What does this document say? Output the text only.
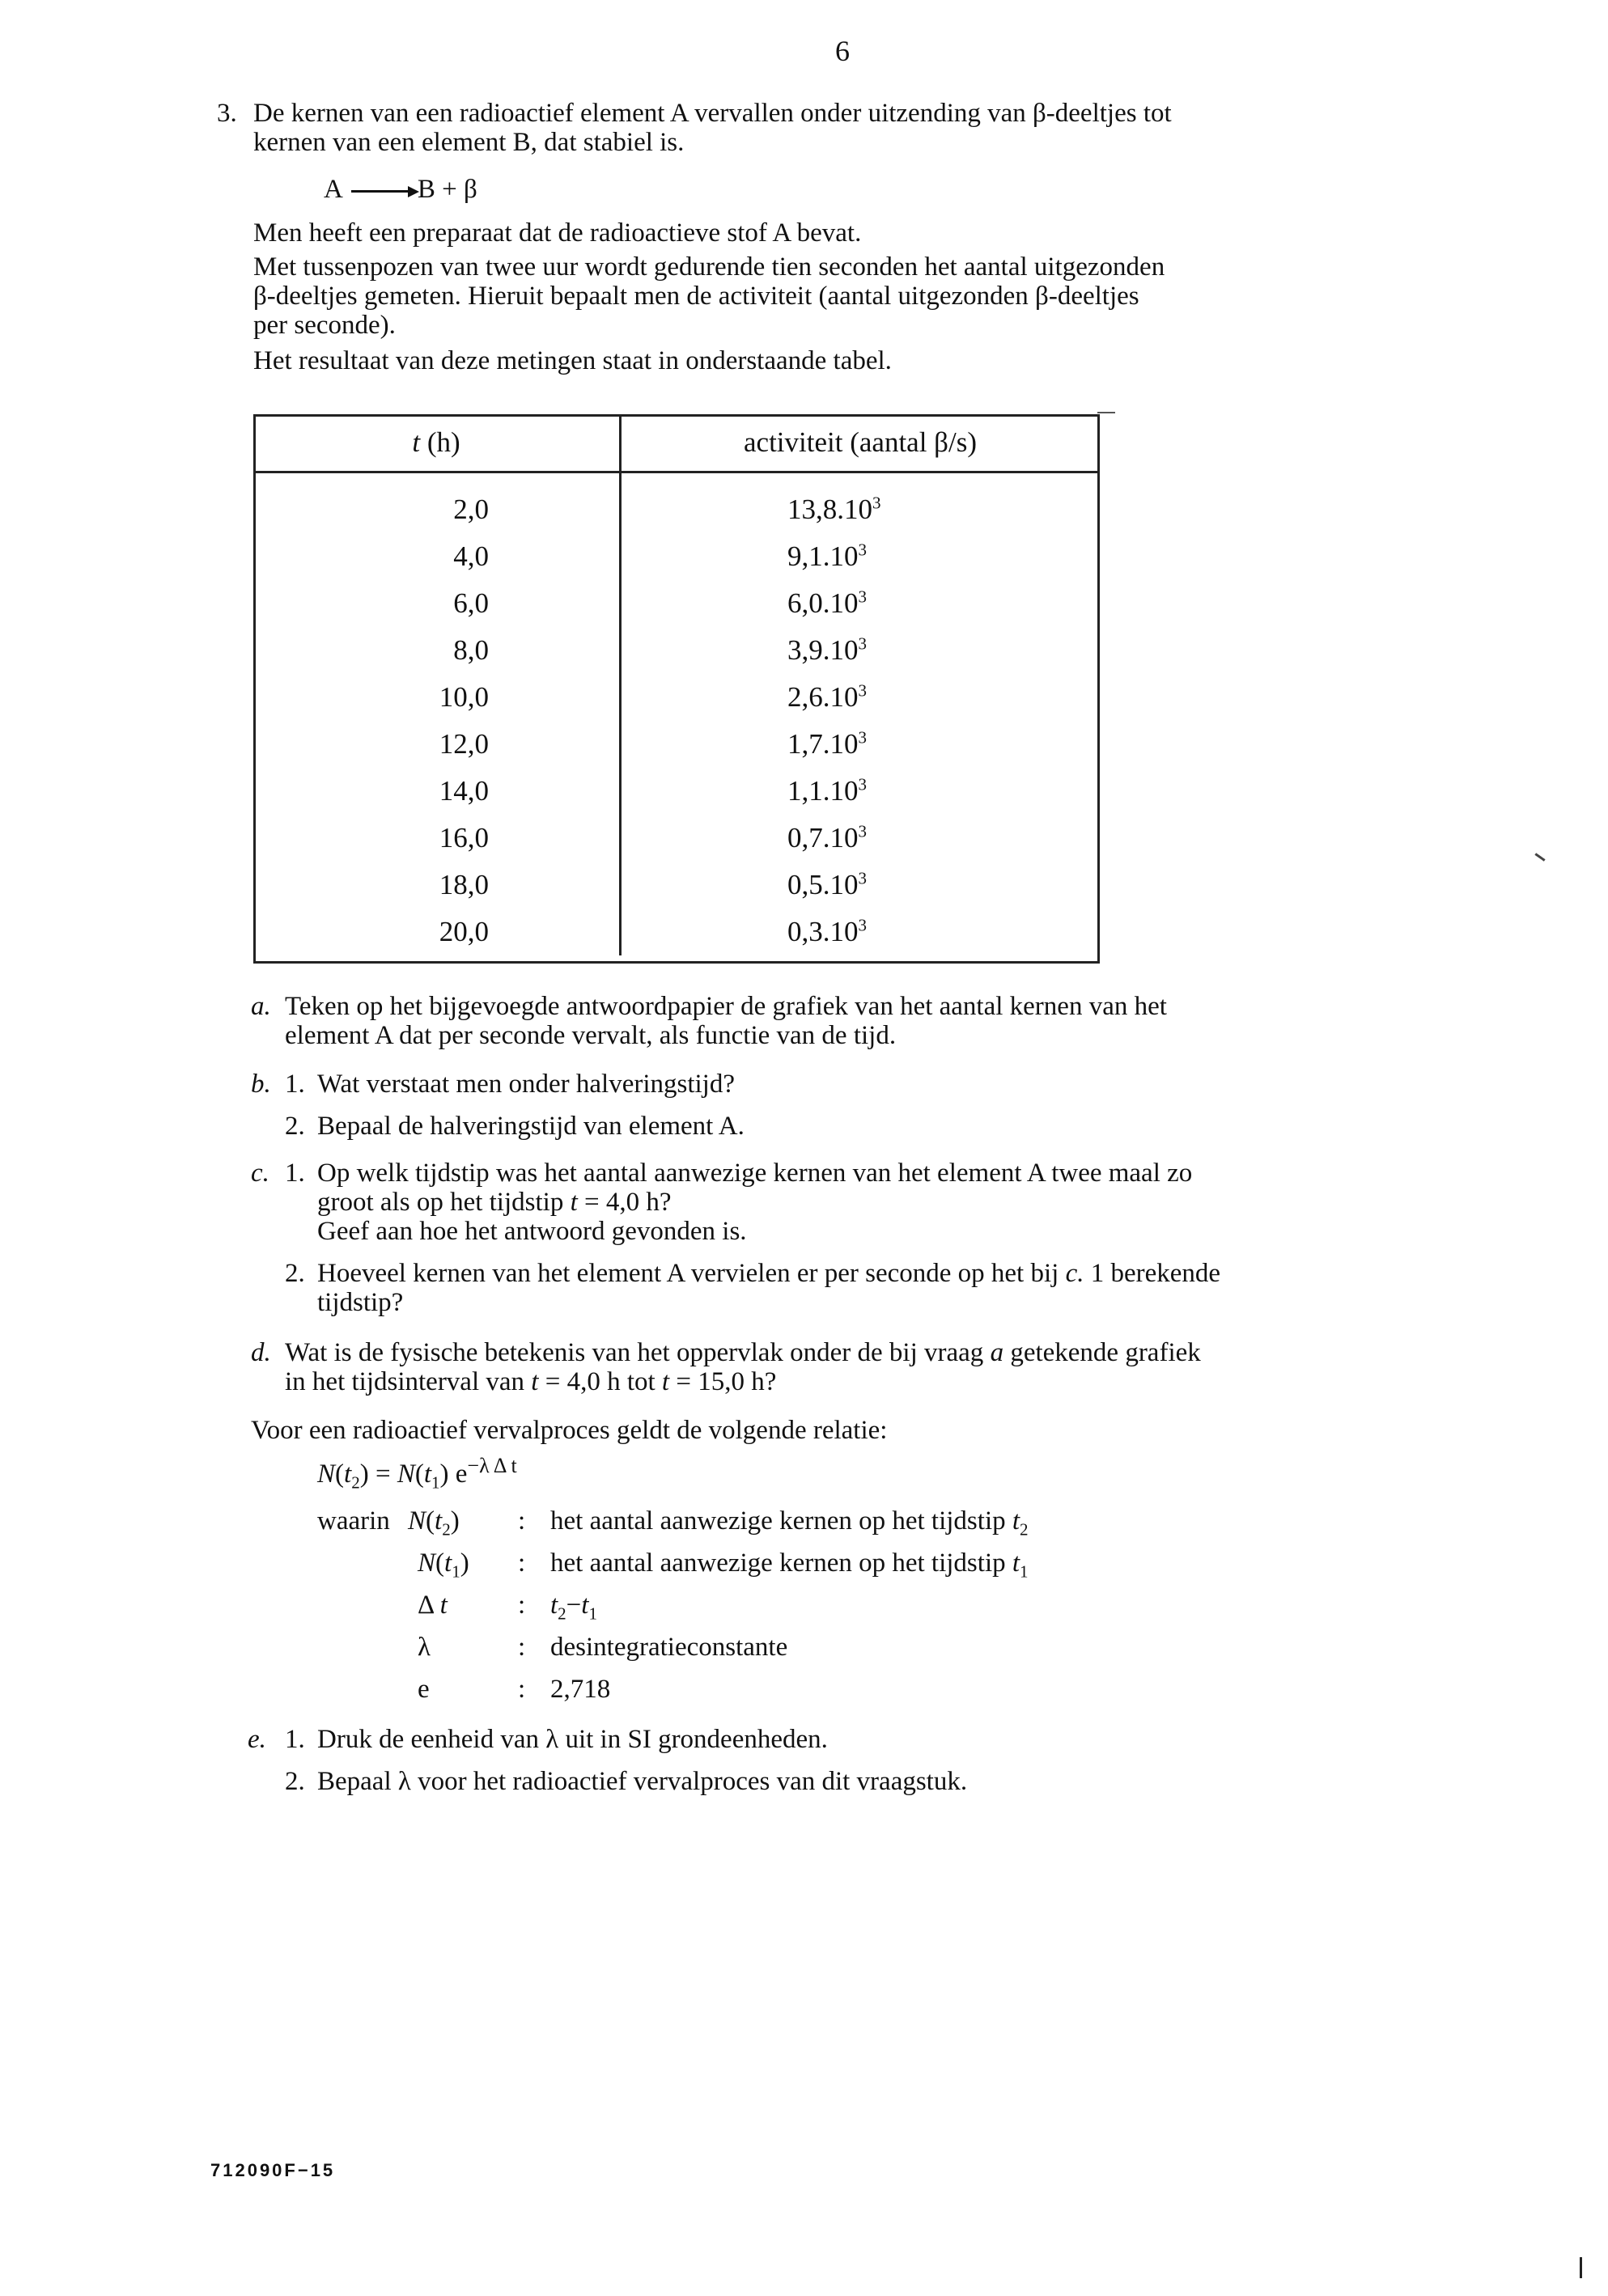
6
3. De kernen van een radioactief element A vervallen onder uitzending van β-deeltjes tot
kernen van een element B, dat stabiel is.
A → B + β
Men heeft een preparaat dat de radioactieve stof A bevat.
Met tussenpozen van twee uur wordt gedurende tien seconden het aantal uitgezonden
β-deeltjes gemeten. Hieruit bepaalt men de activiteit (aantal uitgezonden β-deeltjes
per seconde).
Het resultaat van deze metingen staat in onderstaande tabel.
t (h)	activiteit (aantal β/s)

2,0	13,8.10$^3$
4,0	9,1.10$^3$
6,0	6,0.10$^3$
8,0	3,9.10$^3$
10,0	2,6.10$^3$
12,0	1,7.10$^3$
14,0	1,1.10$^3$
16,0	0,7.10$^3$
18,0	0,5.10$^3$
20,0	0,3.10$^3$
a. Teken op het bijgevoegde antwoordpapier de grafiek van het aantal kernen van het
element A dat per seconde vervalt, als functie van de tijd.
b. 1. Wat verstaat men onder halveringstijd?
2. Bepaal de halveringstijd van element A.
c. 1. Op welk tijdstip was het aantal aanwezige kernen van het element A twee maal zo
groot als op het tijdstip t = 4,0 h?
Geef aan hoe het antwoord gevonden is.
2. Hoeveel kernen van het element A vervielen er per seconde op het bij c. 1 berekende
tijdstip?
d. Wat is de fysische betekenis van het oppervlak onder de bij vraag a getekende grafiek
in het tijdsinterval van t = 4,0 h tot t = 15,0 h?
Voor een radioactief vervalproces geldt de volgende relatie:
$N(t_2) = N(t_1)$ $e^{-\lambda \Delta t}$
waarin $N(t_2)$ : het aantal aanwezige kernen op het tijdstip $t_2$
$N(t_1)$ : het aantal aanwezige kernen op het tijdstip $t_1$
Δ t	: $t_2-t_1$
λ	: desintegratieconstante
e	: 2,718
e. 1. Druk de eenheid van λ uit in SI grondeenheden.
2. Bepaal λ voor het radioactief vervalproces van dit vraagstuk.
712090F−15
